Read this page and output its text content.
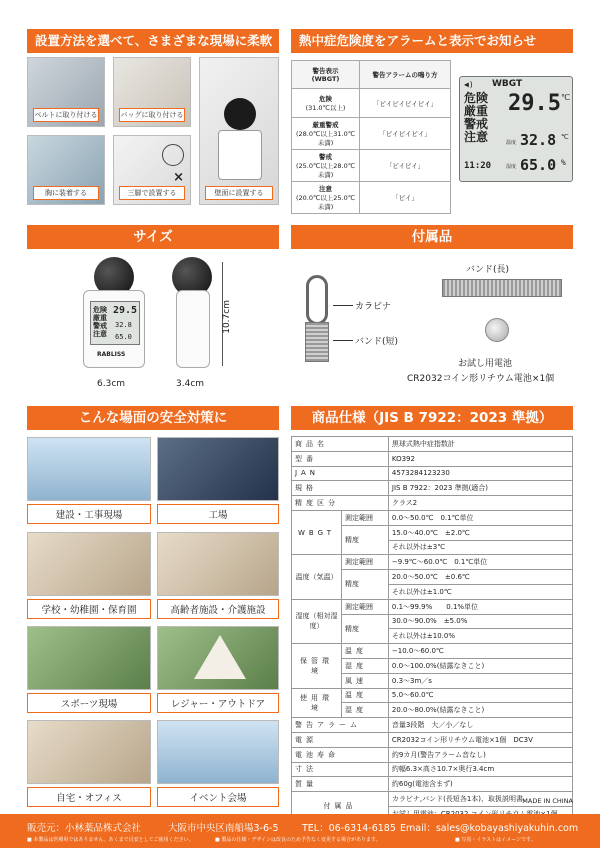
設置方法を選べて、さまざまな現場に柔軟
ベルトに取り付ける	バッグに取り付ける
壁面に設置する
胸に装着する
×
三脚で設置する
熱中症危険度をアラームと表示でお知らせ
警告表示
(WBGT)	警告アラームの鳴り方
危険
(31.0℃以上)	「ピイピイピイピイ」
厳重警戒
(28.0℃以上31.0℃未満)	「ピイピイピイ」
警戒
(25.0℃以上28.0℃未満)	「ピイピイ」
注意
(20.0℃以上25.0℃未満)	「ピイ」
◀) WBGT
危険
厳重
警戒
注意
29.5 ℃
温度 32.8 ℃
11:20	湿度 65.0 %
サイズ
危険
厳重
警戒
注意
29.5
32.8
65.0
RABLISS
6.3cm	3.4cm
10.7cm
付属品
カラビナ
バンド(短)
バンド(長)
お試し用電池
CR2032コイン形リチウム電池×1個
こんな場面の安全対策に
建設・工事現場	工場
学校・幼稚園・保育園	高齢者施設・介護施設
スポーツ現場	レジャー・アウトドア
自宅・オフィス	イベント会場
商品仕様（JIS B 7922：2023 準拠）
商品名		黒球式熱中症指数計
型番		KO392
JAN		4573284123230
規格		JIS B 7922：2023 準拠(適合)
精度区分		クラス2
WBGT	測定範囲	0.0〜50.0℃　0.1℃単位
	精度	15.0〜40.0℃　±2.0℃
		それ以外は±3℃
温度（気温）	測定範囲	−9.9℃〜60.0℃　0.1℃単位
	精度	20.0〜50.0℃　±0.6℃
		それ以外は±1.0℃
湿度（相対湿度）	測定範囲	0.1〜99.9%　　0.1%単位
	精度	30.0〜90.0%　±5.0%
		それ以外は±10.0%
保管環境	温度	−10.0〜60.0℃
	湿度	0.0〜100.0%(結露なきこと)
	風速	0.3〜3m／s
使用環境	温度	5.0〜60.0℃
	湿度	20.0〜80.0%(結露なきこと)
警告アラーム		音量3段階　大／小／なし
電源		CR2032コイン形リチウム電池×1個　DC3V
電池寿命		約9カ月(警告アラーム音なし)
寸法		約幅6.3×高さ10.7×奥行3.4cm
質量		約60g(電池含まず)
付属品		カラビナ,バンド(長短各1本)、取扱説明書、

MADE IN CHINA
販売元：小林薬品株式会社	大阪市中央区南船場3-6-5 TEL：06-6314-6185 Email：sales@kobayashiyakuhin.com
■ 本製品は医療用ではありません。あくまで目安としてご使用ください。	■ 製品の仕様・デザインは改良のため予告なく変更する場合があります。	■ 写真・イラストはイメージです。
